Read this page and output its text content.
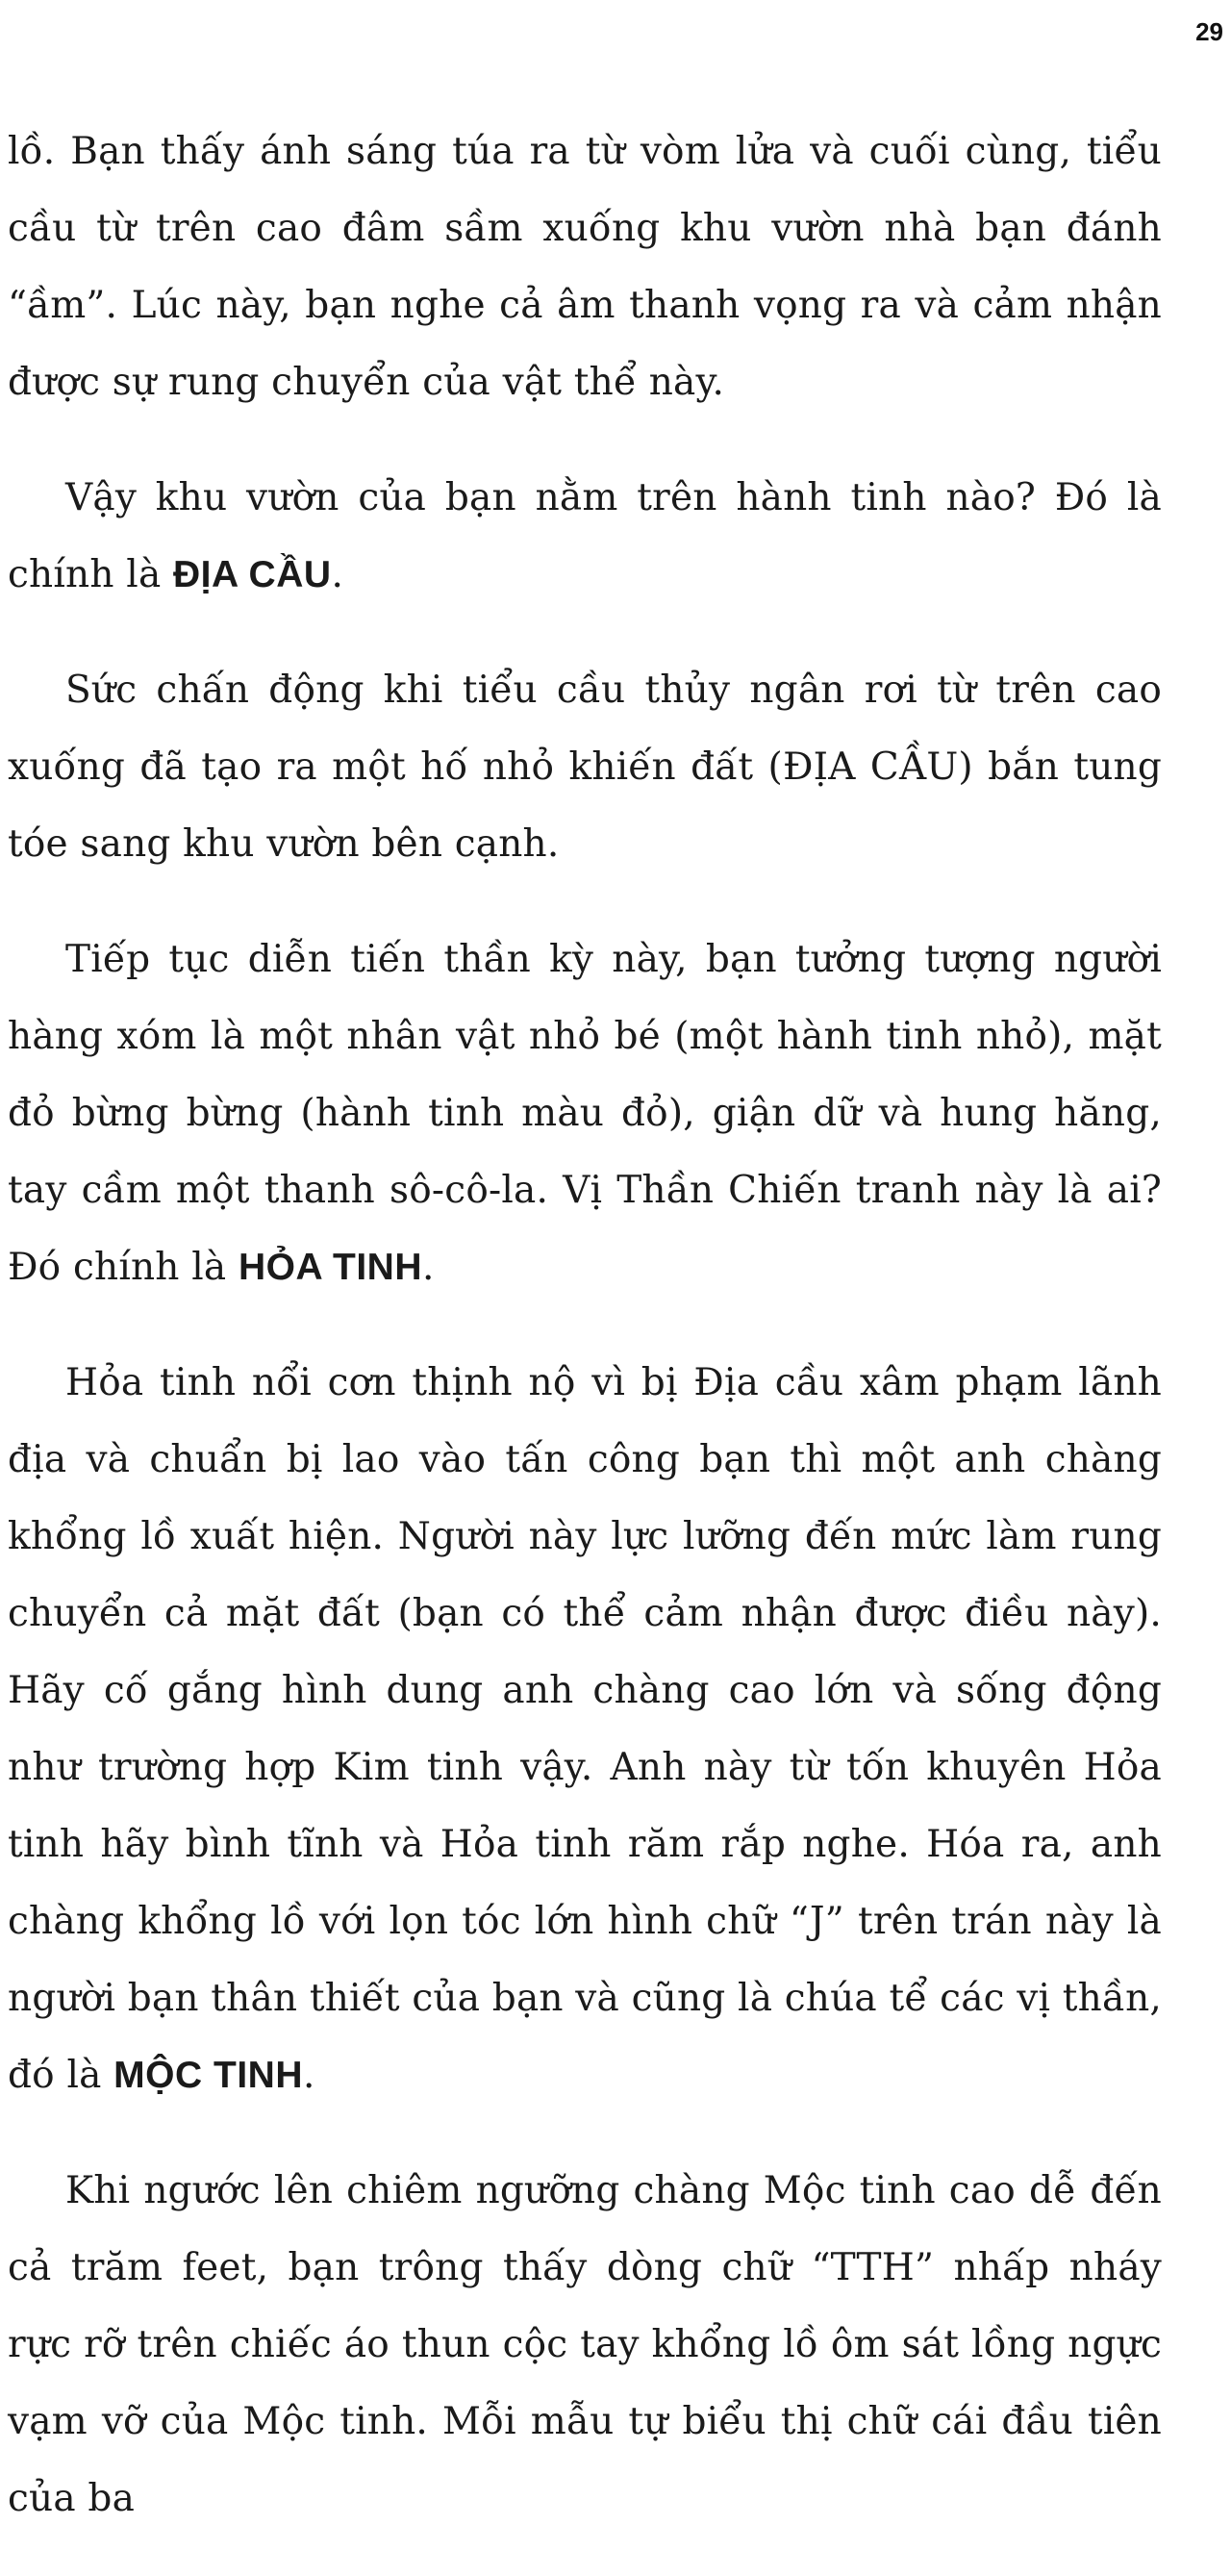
29

lồ. Bạn thấy ánh sáng túa ra từ vòm lửa và cuối cùng, tiểu cầu từ trên cao đâm sầm xuống khu vườn nhà bạn đánh “ầm”. Lúc này, bạn nghe cả âm thanh vọng ra và cảm nhận được sự rung chuyển của vật thể này.

Vậy khu vườn của bạn nằm trên hành tinh nào? Đó là chính là ĐỊA CẦU.

Sức chấn động khi tiểu cầu thủy ngân rơi từ trên cao xuống đã tạo ra một hố nhỏ khiến đất (ĐỊA CẦU) bắn tung tóe sang khu vườn bên cạnh.

Tiếp tục diễn tiến thần kỳ này, bạn tưởng tượng người hàng xóm là một nhân vật nhỏ bé (một hành tinh nhỏ), mặt đỏ bừng bừng (hành tinh màu đỏ), giận dữ và hung hăng, tay cầm một thanh sô-cô-la. Vị Thần Chiến tranh này là ai? Đó chính là HỎA TINH.

Hỏa tinh nổi cơn thịnh nộ vì bị Địa cầu xâm phạm lãnh địa và chuẩn bị lao vào tấn công bạn thì một anh chàng khổng lồ xuất hiện. Người này lực lưỡng đến mức làm rung chuyển cả mặt đất (bạn có thể cảm nhận được điều này). Hãy cố gắng hình dung anh chàng cao lớn và sống động như trường hợp Kim tinh vậy. Anh này từ tốn khuyên Hỏa tinh hãy bình tĩnh và Hỏa tinh răm rắp nghe. Hóa ra, anh chàng khổng lồ với lọn tóc lớn hình chữ “J” trên trán này là người bạn thân thiết của bạn và cũng là chúa tể các vị thần, đó là MỘC TINH.

Khi ngước lên chiêm ngưỡng chàng Mộc tinh cao dễ đến cả trăm feet, bạn trông thấy dòng chữ “TTH” nhấp nháy rực rỡ trên chiếc áo thun cộc tay khổng lồ ôm sát lồng ngực vạm vỡ của Mộc tinh. Mỗi mẫu tự biểu thị chữ cái đầu tiên của ba
